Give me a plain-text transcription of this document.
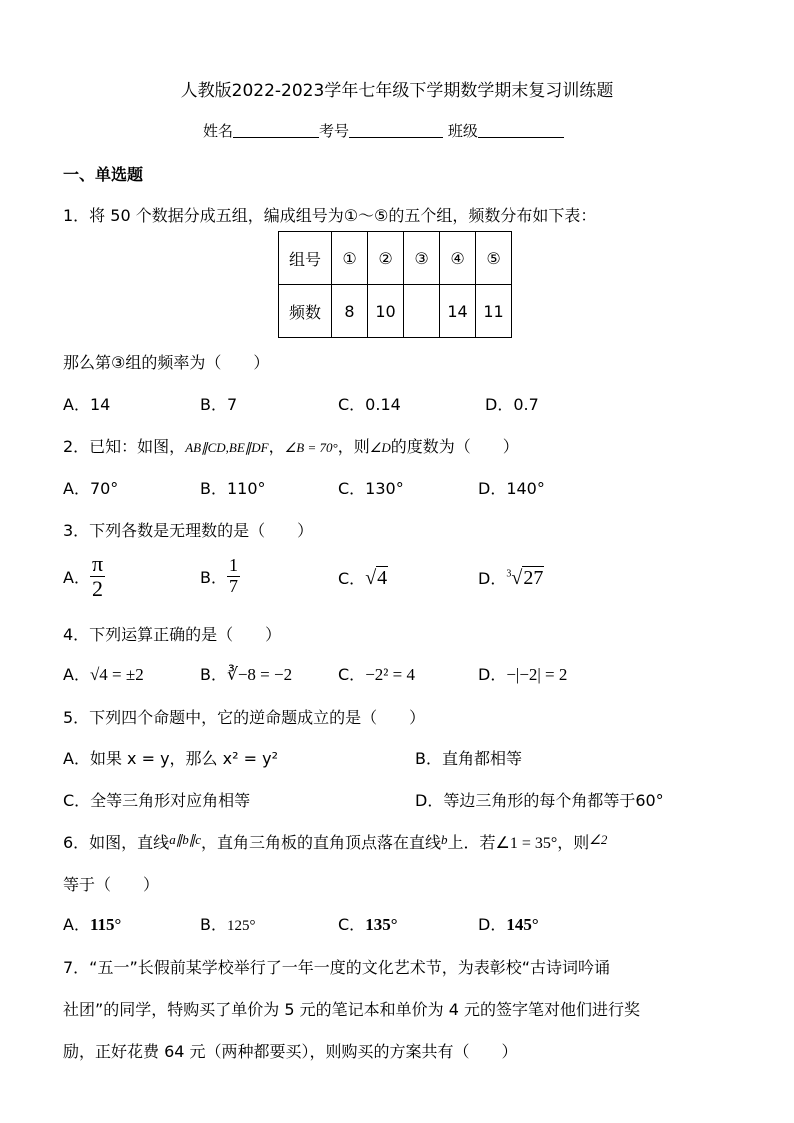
人教版2022-2023学年七年级下学期数学期末复习训练题
姓名	考号	班级
一、单选题
1．将 50 个数据分成五组，编成组号为①～⑤的五个组，频数分布如下表：
组号	①	②	③	④	⑤
频数	8	10		14	11
那么第③组的频率为（　　）
A．14	B．7	C．0.14	D．0.7
2．已知：如图，AB∥CD,BE∥DF，∠B = 70°，则∠D的度数为（　　）
A．70°	B．110°	C．130°	D．140°
3．下列各数是无理数的是（　　）
A． $\frac{\pi}{2}$	B． $\frac{1}{7}$	C．√4	D．$^3$√27
4．下列运算正确的是（　　）
A．√4 = ±2	B．∛−8 = −2	C．−2² = 4	D．−|−2| = 2
5．下列四个命题中，它的逆命题成立的是（　　）
A．如果 x = y，那么 x² = y²	B．直角都相等
C．全等三角形对应角相等	D．等边三角形的每个角都等于60°
6．如图，直线$^{a\parallel b\parallel c}$，直角三角板的直角顶点落在直线$^b$上．若∠1 = 35°，则$^{\angle 2}$
等于（　　）
A．115°	B．125°	C．135°	D．145°
7．“五一”长假前某学校举行了一年一度的文化艺术节，为表彰校“古诗词吟诵
社团”的同学，特购买了单价为 5 元的笔记本和单价为 4 元的签字笔对他们进行奖
励，正好花费 64 元（两种都要买），则购买的方案共有（　　）
